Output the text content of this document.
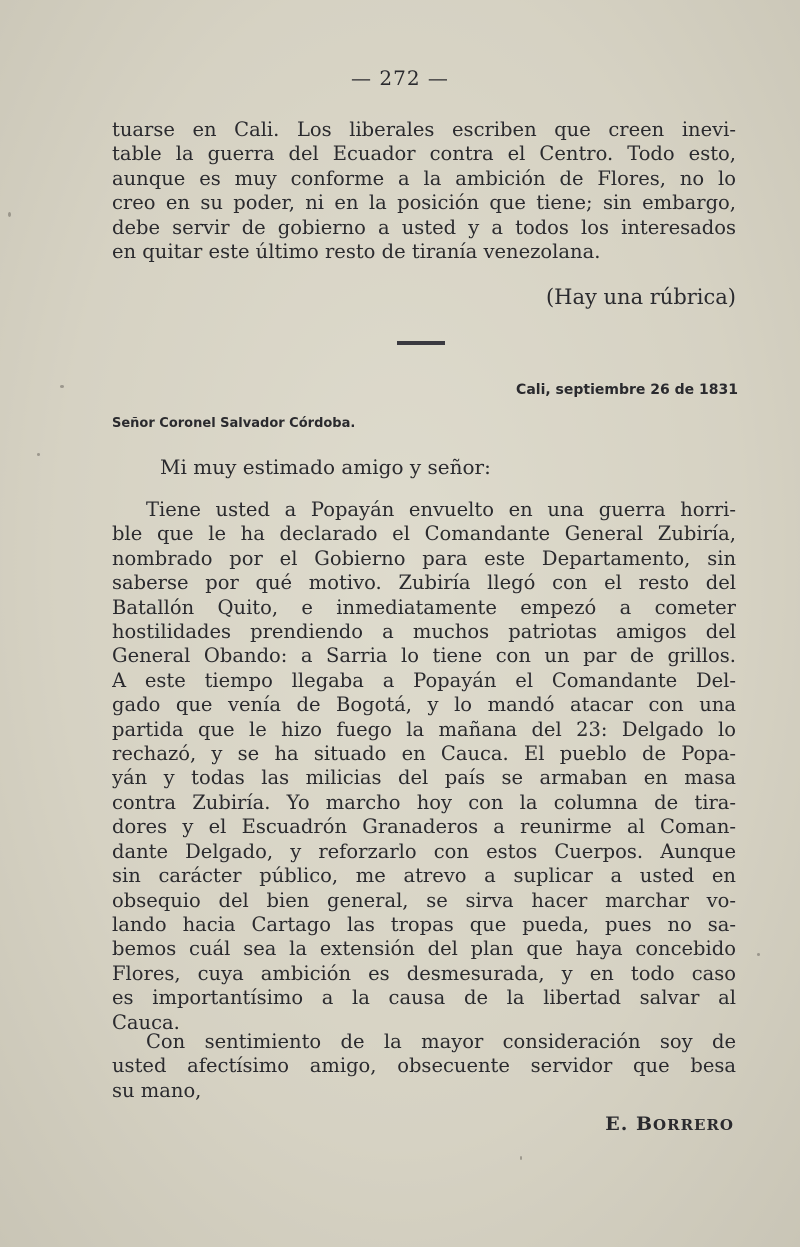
— 272 —
tuarse en Cali. Los liberales escriben que creen inevi-
table la guerra del Ecuador contra el Centro. Todo esto,
aunque es muy conforme a la ambición de Flores, no lo
creo en su poder, ni en la posición que tiene; sin embargo,
debe servir de gobierno a usted y a todos los interesados
en quitar este último resto de tiranía venezolana.
(Hay una rúbrica)
Cali, septiembre 26 de 1831
Señor Coronel Salvador Córdoba.
Mi muy estimado amigo y señor:
Tiene usted a Popayán envuelto en una guerra horri-
ble que le ha declarado el Comandante General Zubiría,
nombrado por el Gobierno para este Departamento, sin
saberse por qué motivo. Zubiría llegó con el resto del
Batallón Quito, e inmediatamente empezó a cometer
hostilidades prendiendo a muchos patriotas amigos del
General Obando: a Sarria lo tiene con un par de grillos.
A este tiempo llegaba a Popayán el Comandante Del-
gado que venía de Bogotá, y lo mandó atacar con una
partida que le hizo fuego la mañana del 23: Delgado lo
rechazó, y se ha situado en Cauca. El pueblo de Popa-
yán y todas las milicias del país se armaban en masa
contra Zubiría. Yo marcho hoy con la columna de tira-
dores y el Escuadrón Granaderos a reunirme al Coman-
dante Delgado, y reforzarlo con estos Cuerpos. Aunque
sin carácter público, me atrevo a suplicar a usted en
obsequio del bien general, se sirva hacer marchar vo-
lando hacia Cartago las tropas que pueda, pues no sa-
bemos cuál sea la extensión del plan que haya concebido
Flores, cuya ambición es desmesurada, y en todo caso
es importantísimo a la causa de la libertad salvar al
Cauca.
Con sentimiento de la mayor consideración soy de
usted afectísimo amigo, obsecuente servidor que besa
su mano,
E. BORRERO
